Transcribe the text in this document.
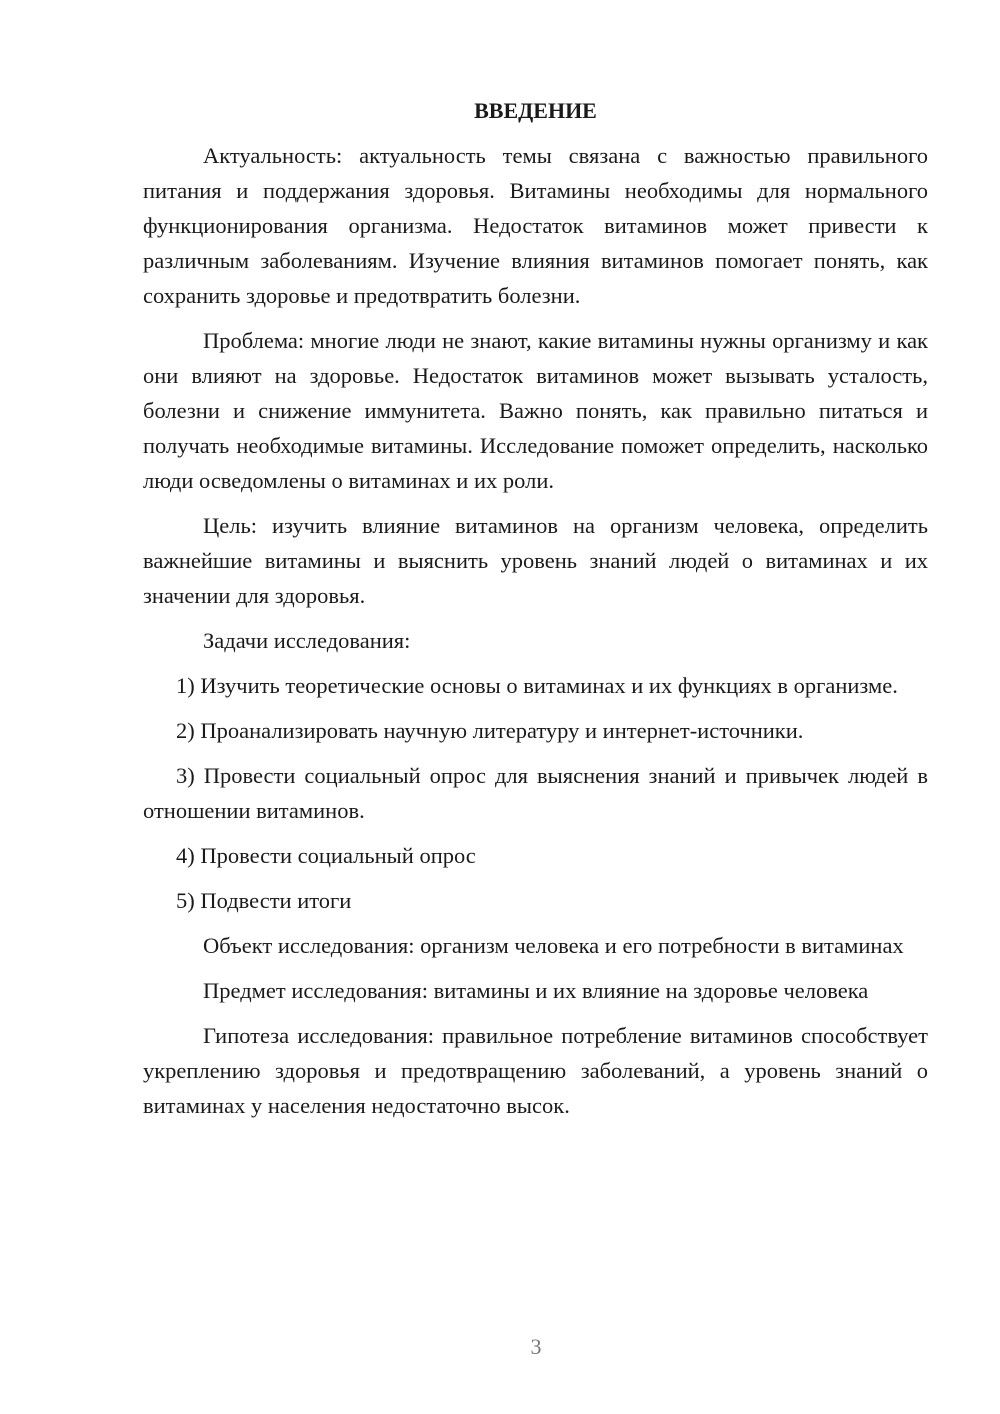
ВВЕДЕНИЕ

Актуальность: актуальность темы связана с важностью правильного питания и поддержания здоровья. Витамины необходимы для нормального функционирования организма. Недостаток витаминов может привести к различным заболеваниям. Изучение влияния витаминов помогает понять, как сохранить здоровье и предотвратить болезни.

Проблема: многие люди не знают, какие витамины нужны организму и как они влияют на здоровье. Недостаток витаминов может вызывать усталость, болезни и снижение иммунитета. Важно понять, как правильно питаться и получать необходимые витамины. Исследование поможет определить, насколько люди осведомлены о витаминах и их роли.

Цель: изучить влияние витаминов на организм человека, определить важнейшие витамины и выяснить уровень знаний людей о витаминах и их значении для здоровья.

Задачи исследования:

1) Изучить теоретические основы о витаминах и их функциях в организме.

2) Проанализировать научную литературу и интернет-источники.

3) Провести социальный опрос для выяснения знаний и привычек людей в отношении витаминов.

4) Провести социальный опрос

5) Подвести итоги

Объект исследования: организм человека и его потребности в витаминах

Предмет исследования: витамины и их влияние на здоровье человека

Гипотеза исследования: правильное потребление витаминов способствует укреплению здоровья и предотвращению заболеваний, а уровень знаний о витаминах у населения недостаточно высок.

3
